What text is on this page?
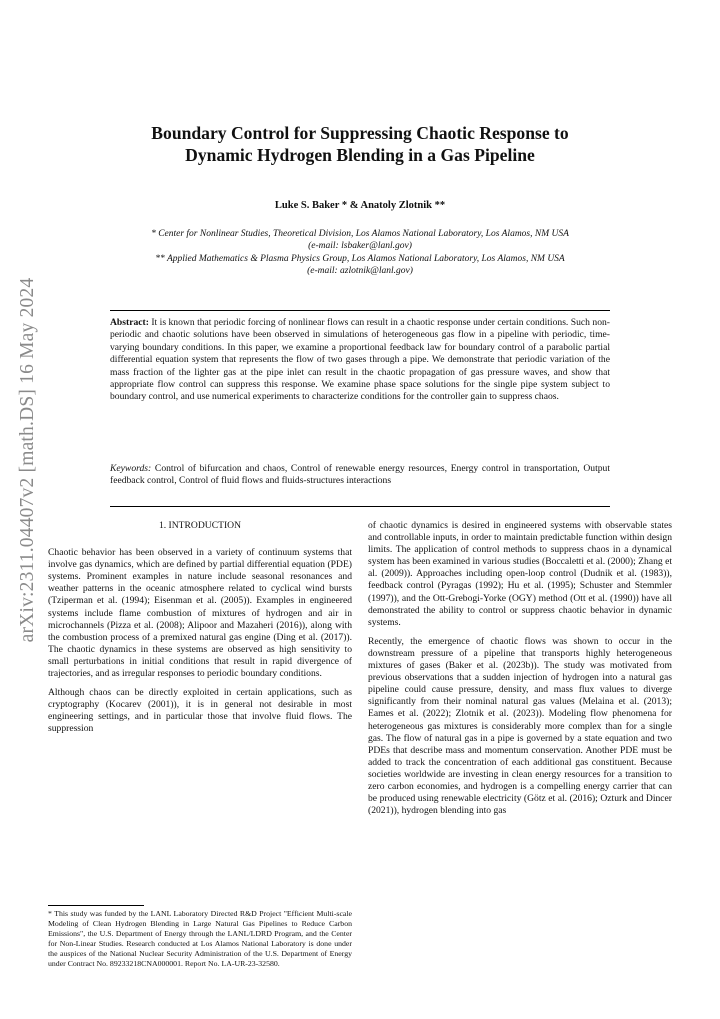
arXiv:2311.04407v2 [math.DS] 16 May 2024
Boundary Control for Suppressing Chaotic Response to Dynamic Hydrogen Blending in a Gas Pipeline
Luke S. Baker * & Anatoly Zlotnik **
* Center for Nonlinear Studies, Theoretical Division, Los Alamos National Laboratory, Los Alamos, NM USA (e-mail: lsbaker@lanl.gov)
** Applied Mathematics & Plasma Physics Group, Los Alamos National Laboratory, Los Alamos, NM USA (e-mail: azlotnik@lanl.gov)
Abstract: It is known that periodic forcing of nonlinear flows can result in a chaotic response under certain conditions. Such non-periodic and chaotic solutions have been observed in simulations of heterogeneous gas flow in a pipeline with periodic, time-varying boundary conditions. In this paper, we examine a proportional feedback law for boundary control of a parabolic partial differential equation system that represents the flow of two gases through a pipe. We demonstrate that periodic variation of the mass fraction of the lighter gas at the pipe inlet can result in the chaotic propagation of gas pressure waves, and show that appropriate flow control can suppress this response. We examine phase space solutions for the single pipe system subject to boundary control, and use numerical experiments to characterize conditions for the controller gain to suppress chaos.
Keywords: Control of bifurcation and chaos, Control of renewable energy resources, Energy control in transportation, Output feedback control, Control of fluid flows and fluids-structures interactions
1. INTRODUCTION

Chaotic behavior has been observed in a variety of continuum systems that involve gas dynamics, which are defined by partial differential equation (PDE) systems. Prominent examples in nature include seasonal resonances and weather patterns in the oceanic atmosphere related to cyclical wind bursts (Tziperman et al. (1994); Eisenman et al. (2005)). Examples in engineered systems include flame combustion of mixtures of hydrogen and air in microchannels (Pizza et al. (2008); Alipoor and Mazaheri (2016)), along with the combustion process of a premixed natural gas engine (Ding et al. (2017)). The chaotic dynamics in these systems are observed as high sensitivity to small perturbations in initial conditions that result in rapid divergence of trajectories, and as irregular responses to periodic boundary conditions.

Although chaos can be directly exploited in certain applications, such as cryptography (Kocarev (2001)), it is in general not desirable in most engineering settings, and in particular those that involve fluid flows. The suppression

* This study was funded by the LANL Laboratory Directed R&D Project "Efficient Multi-scale Modeling of Clean Hydrogen Blending in Large Natural Gas Pipelines to Reduce Carbon Emissions", the U.S. Department of Energy through the LANL/LDRD Program, and the Center for Non-Linear Studies. Research conducted at Los Alamos National Laboratory is done under the auspices of the National Nuclear Security Administration of the U.S. Department of Energy under Contract No. 89233218CNA000001. Report No. LA-UR-23-32580.

of chaotic dynamics is desired in engineered systems with observable states and controllable inputs, in order to maintain predictable function within design limits. The application of control methods to suppress chaos in a dynamical system has been examined in various studies (Boccaletti et al. (2000); Zhang et al. (2009)). Approaches including open-loop control (Dudnik et al. (1983)), feedback control (Pyragas (1992); Hu et al. (1995); Schuster and Stemmler (1997)), and the Ott-Grebogi-Yorke (OGY) method (Ott et al. (1990)) have all demonstrated the ability to control or suppress chaotic behavior in dynamic systems.

Recently, the emergence of chaotic flows was shown to occur in the downstream pressure of a pipeline that transports highly heterogeneous mixtures of gases (Baker et al. (2023b)). The study was motivated from previous observations that a sudden injection of hydrogen into a natural gas pipeline could cause pressure, density, and mass flux values to diverge significantly from their nominal natural gas values (Melaina et al. (2013); Eames et al. (2022); Zlotnik et al. (2023)). Modeling flow phenomena for heterogeneous gas mixtures is considerably more complex than for a single gas. The flow of natural gas in a pipe is governed by a state equation and two PDEs that describe mass and momentum conservation. Another PDE must be added to track the concentration of each additional gas constituent. Because societies worldwide are investing in clean energy resources for a transition to zero carbon economies, and hydrogen is a compelling energy carrier that can be produced using renewable electricity (Götz et al. (2016); Ozturk and Dincer (2021)), hydrogen blending into gas
